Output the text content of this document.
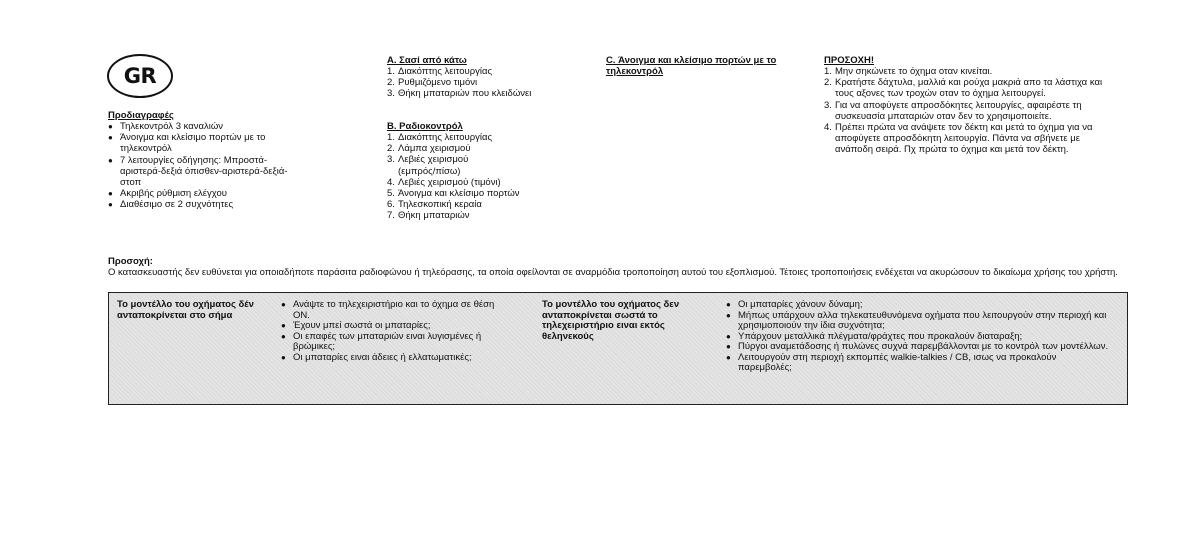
GR
Προδιαγραφές
● Τηλεκοντρόλ 3 καναλιών
● Άνοιγμα και κλείσιμο πορτών με το τηλεκοντρόλ
● 7 λειτουργίες οδήγησης: Μπροστά-αριστερά-δεξιά όπισθεν-αριστερά-δεξιά-στοπ
● Ακριβής ρύθμιση ελέγχου
● Διαθέσιμο σε 2 συχνότητες
Α. Σασί από κάτω
1. Διακόπτης λειτουργίας
2. Ρυθμιζόμενο τιμόνι
3. Θήκη μπαταριών που κλειδώνει
Β. Ραδιοκοντρόλ
1. Διακόπτης λειτουργίας
2. Λάμπα χειρισμού
3. Λεβιές χειρισμού (εμπρός/πίσω)
4. Λεβιές χειρισμού (τιμόνι)
5. Άνοιγμα και κλείσιμο πορτών
6. Τηλεσκοπική κεραία
7. Θήκη μπαταριών
C. Άνοιγμα και κλείσιμο πορτών με το τηλεκοντρόλ
ΠΡΟΣΟΧΗ!
1. Μην σηκώνετε το όχημα οταν κινείται.
2. Κρατήστε δάχτυλα, μαλλιά και ρούχα μακριά απο τα λάστιχα και τους αξονες των τροχών οταν το όχημα λειτουργεί.
3. Για να αποφύγετε απροσδόκητες λειτουργίες, αφαιρέστε τη συσκευασία μπαταριών οταν δεν το χρησιμοποιείτε.
4. Πρέπει πρώτα να ανάψετε τον δέκτη και μετά το όχημα για να αποφύγετε απροσδόκητη λειτουργία. Πάντα να σβήνετε με ανάποδη σειρά. Πχ πρώτα το όχημα και μετά τον δέκτη.
Προσοχή:
Ο κατασκευαστής δεν ευθύνεται για οποιαδήποτε παράσιτα ραδιοφώνου ή τηλεόρασης, τα οποία οφείλονται σε αναρμόδια τροποποίηση αυτού του εξοπλισμού. Τέτοιες τροποποιήσεις ενδέχεται να ακυρώσουν το δικαίωμα χρήσης του χρήστη.
Το μοντέλλο του οχήματος δέν ανταποκρίνεται στο σήμα
● Ανάψτε το τηλεχειριστήριο και το όχημα σε θέση ON.
● Έχουν μπεί σωστά οι μπαταρίες;
● Οι επαφές των μπαταριών ειναι λυγισμένες ή βρώμικες;
● Οι μπαταρίες ειναι άδειες ή ελλατωματικές;
Το μοντέλλο του οχήματος δεν ανταποκρίνεται σωστά το τηλεχειριστήριο ειναι εκτός θεληνεκούς
● Οι μπαταρίες χάνουν δύναμη;
● Μήπως υπάρχουν αλλα τηλεκατευθυνόμενα οχήματα που λειτουργούν στην περιοχή και χρησιμοποιούν την ίδια συχνότητα;
● Υπάρχουν μεταλλικά πλέγματα/φράχτες που προκαλούν διαταραξη;
● Πύργοι αναμετάδοσης ή πυλώνες συχνά παρεμβάλλονται με το κοντρόλ των μοντέλλων.
● Λειτουργούν στη περιοχή εκπομπές walkie-talkies / CB, ισως να προκαλούν παρεμβολές;
